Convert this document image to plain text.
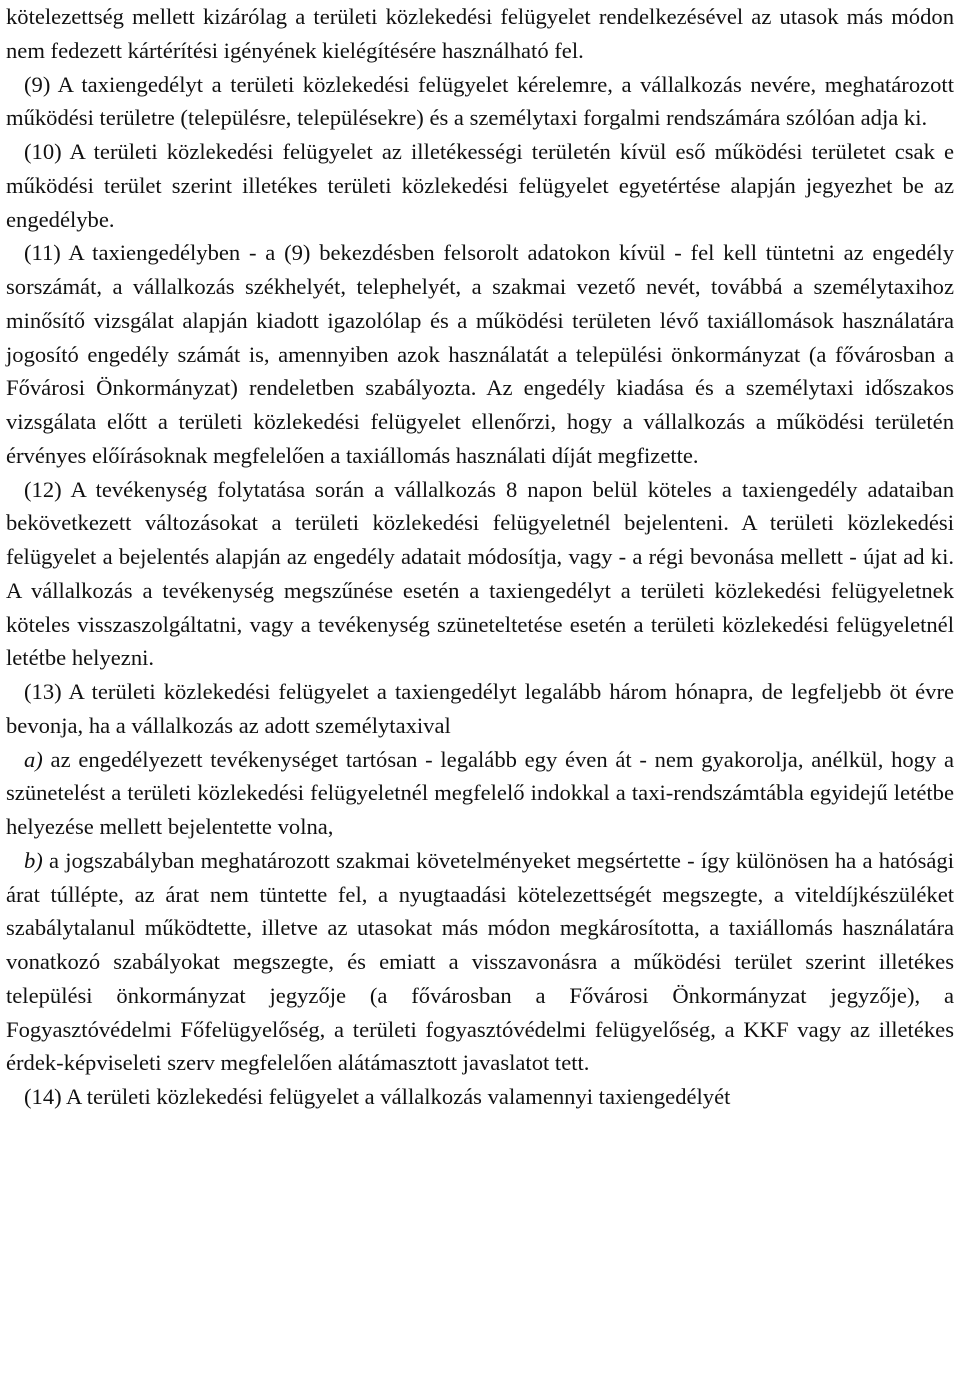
kötelezettség mellett kizárólag a területi közlekedési felügyelet rendelkezésével az utasok más módon nem fedezett kártérítési igényének kielégítésére használható fel.

(9) A taxiengedélyt a területi közlekedési felügyelet kérelemre, a vállalkozás nevére, meghatározott működési területre (településre, településekre) és a személytaxi forgalmi rendszámára szólóan adja ki.

(10) A területi közlekedési felügyelet az illetékességi területén kívül eső működési területet csak e működési terület szerint illetékes területi közlekedési felügyelet egyetértése alapján jegyezhet be az engedélybe.

(11) A taxiengedélyben - a (9) bekezdésben felsorolt adatokon kívül - fel kell tüntetni az engedély sorszámát, a vállalkozás székhelyét, telephelyét, a szakmai vezető nevét, továbbá a személytaxihoz minősítő vizsgálat alapján kiadott igazolólap és a működési területen lévő taxiállomások használatára jogosító engedély számát is, amennyiben azok használatát a települési önkormányzat (a fővárosban a Fővárosi Önkormányzat) rendeletben szabályozta. Az engedély kiadása és a személytaxi időszakos vizsgálata előtt a területi közlekedési felügyelet ellenőrzi, hogy a vállalkozás a működési területén érvényes előírásoknak megfelelően a taxiállomás használati díját megfizette.

(12) A tevékenység folytatása során a vállalkozás 8 napon belül köteles a taxiengedély adataiban bekövetkezett változásokat a területi közlekedési felügyeletnél bejelenteni. A területi közlekedési felügyelet a bejelentés alapján az engedély adatait módosítja, vagy - a régi bevonása mellett - újat ad ki. A vállalkozás a tevékenység megszűnése esetén a taxiengedélyt a területi közlekedési felügyeletnek köteles visszaszolgáltatni, vagy a tevékenység szüneteltetése esetén a területi közlekedési felügyeletnél letétbe helyezni.

(13) A területi közlekedési felügyelet a taxiengedélyt legalább három hónapra, de legfeljebb öt évre bevonja, ha a vállalkozás az adott személytaxival

a) az engedélyezett tevékenységet tartósan - legalább egy éven át - nem gyakorolja, anélkül, hogy a szünetelést a területi közlekedési felügyeletnél megfelelő indokkal a taxi-rendszámtábla egyidejű letétbe helyezése mellett bejelentette volna,

b) a jogszabályban meghatározott szakmai követelményeket megsértette - így különösen ha a hatósági árat túllépte, az árat nem tüntette fel, a nyugtaadási kötelezettségét megszegte, a viteldíjkészüléket szabálytalanul működtette, illetve az utasokat más módon megkárosította, a taxiállomás használatára vonatkozó szabályokat megszegte, és emiatt a visszavonásra a működési terület szerint illetékes települési önkormányzat jegyzője (a fővárosban a Fővárosi Önkormányzat jegyzője), a Fogyasztóvédelmi Főfelügyelőség, a területi fogyasztóvédelmi felügyelőség, a KKF vagy az illetékes érdek-képviseleti szerv megfelelően alátámasztott javaslatot tett.

(14) A területi közlekedési felügyelet a vállalkozás valamennyi taxiengedélyét
